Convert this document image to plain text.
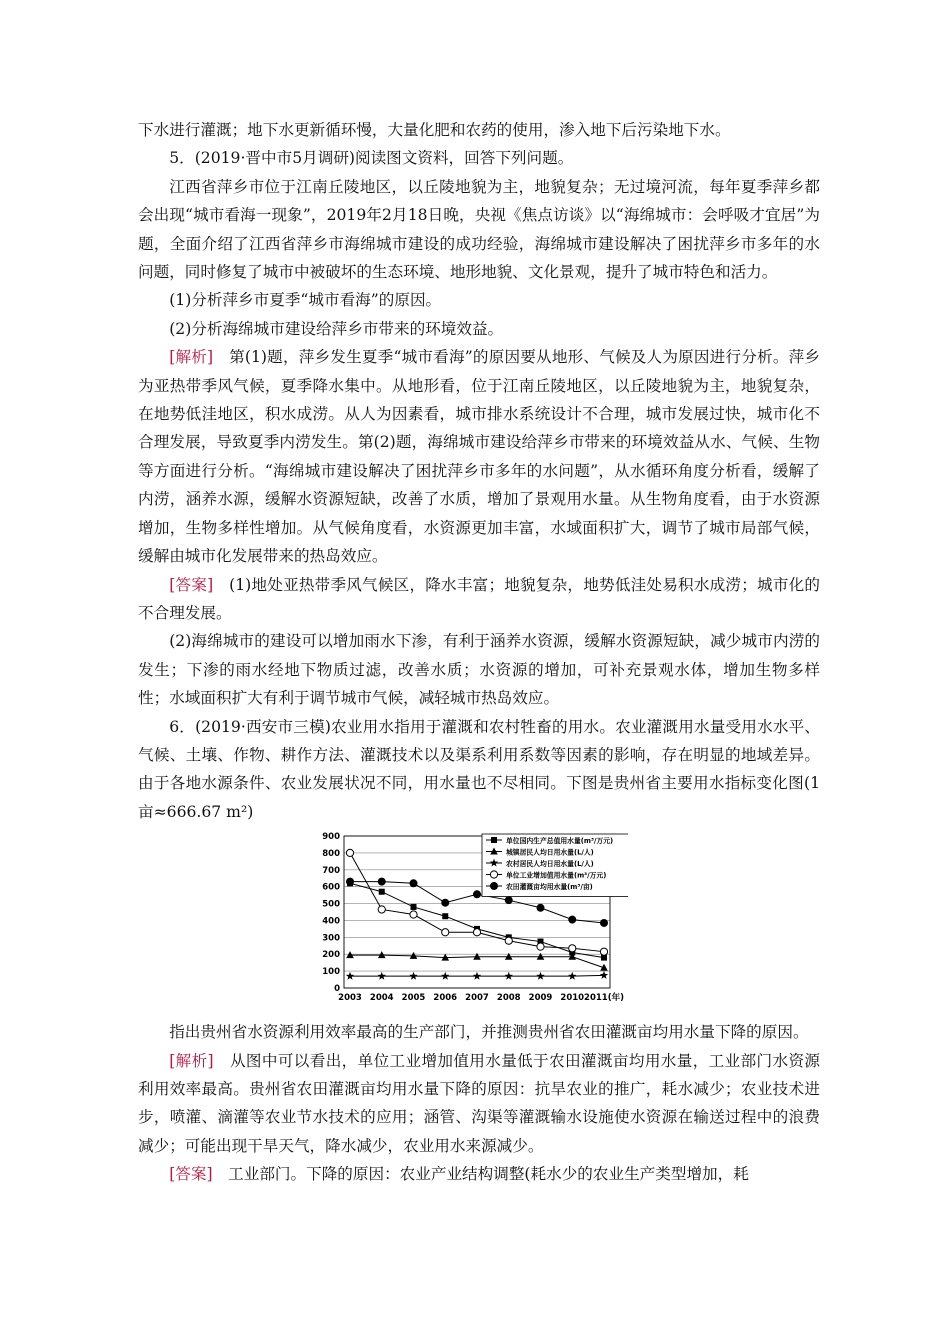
下水进行灌溉；地下水更新循环慢，大量化肥和农药的使用，渗入地下后污染地下水。

5．(2019·晋中市5月调研)阅读图文资料，回答下列问题。

江西省萍乡市位于江南丘陵地区，以丘陵地貌为主，地貌复杂；无过境河流，每年夏季萍乡都会出现“城市看海一现象”，2019年2月18日晚，央视《焦点访谈》以“海绵城市：会呼吸才宜居”为题，全面介绍了江西省萍乡市海绵城市建设的成功经验，海绵城市建设解决了困扰萍乡市多年的水问题，同时修复了城市中被破坏的生态环境、地形地貌、文化景观，提升了城市特色和活力。

(1)分析萍乡市夏季“城市看海”的原因。

(2)分析海绵城市建设给萍乡市带来的环境效益。

[解析]　第(1)题，萍乡发生夏季“城市看海”的原因要从地形、气候及人为原因进行分析。萍乡为亚热带季风气候，夏季降水集中。从地形看，位于江南丘陵地区，以丘陵地貌为主，地貌复杂，在地势低洼地区，积水成涝。从人为因素看，城市排水系统设计不合理，城市发展过快，城市化不合理发展，导致夏季内涝发生。第(2)题，海绵城市建设给萍乡市带来的环境效益从水、气候、生物等方面进行分析。“海绵城市建设解决了困扰萍乡市多年的水问题”，从水循环角度分析看，缓解了内涝，涵养水源，缓解水资源短缺，改善了水质，增加了景观用水量。从生物角度看，由于水资源增加，生物多样性增加。从气候角度看，水资源更加丰富，水域面积扩大，调节了城市局部气候，缓解由城市化发展带来的热岛效应。

[答案]　(1)地处亚热带季风气候区，降水丰富；地貌复杂，地势低洼处易积水成涝；城市化的不合理发展。

(2)海绵城市的建设可以增加雨水下渗，有利于涵养水资源，缓解水资源短缺，减少城市内涝的发生；下渗的雨水经地下物质过滤，改善水质；水资源的增加，可补充景观水体，增加生物多样性；水域面积扩大有利于调节城市气候，减轻城市热岛效应。

6．(2019·西安市三模)农业用水指用于灌溉和农村牲畜的用水。农业灌溉用水量受用水水平、气候、土壤、作物、耕作方法、灌溉技术以及渠系利用系数等因素的影响，存在明显的地域差异。由于各地水源条件、农业发展状况不同，用水量也不尽相同。下图是贵州省主要用水指标变化图(1亩≈666.67 m²)

0
100
200
300
400
500
600
700
800
900
2003 2004 2005 2006 2007 2008 2009 2010 2011(年)
单位国内生产总值用水量(m³/万元)
城镇居民人均日用水量(L/人)
农村居民人均日用水量(L/人)
单位工业增加值用水量(m³/万元)
农田灌溉亩均用水量(m³/亩)

指出贵州省水资源利用效率最高的生产部门，并推测贵州省农田灌溉亩均用水量下降的原因。

[解析]　从图中可以看出，单位工业增加值用水量低于农田灌溉亩均用水量，工业部门水资源利用效率最高。贵州省农田灌溉亩均用水量下降的原因：抗旱农业的推广，耗水减少；农业技术进步，喷灌、滴灌等农业节水技术的应用；涵管、沟渠等灌溉输水设施使水资源在输送过程中的浪费减少；可能出现干旱天气，降水减少，农业用水来源减少。

[答案]　工业部门。下降的原因：农业产业结构调整(耗水少的农业生产类型增加，耗
